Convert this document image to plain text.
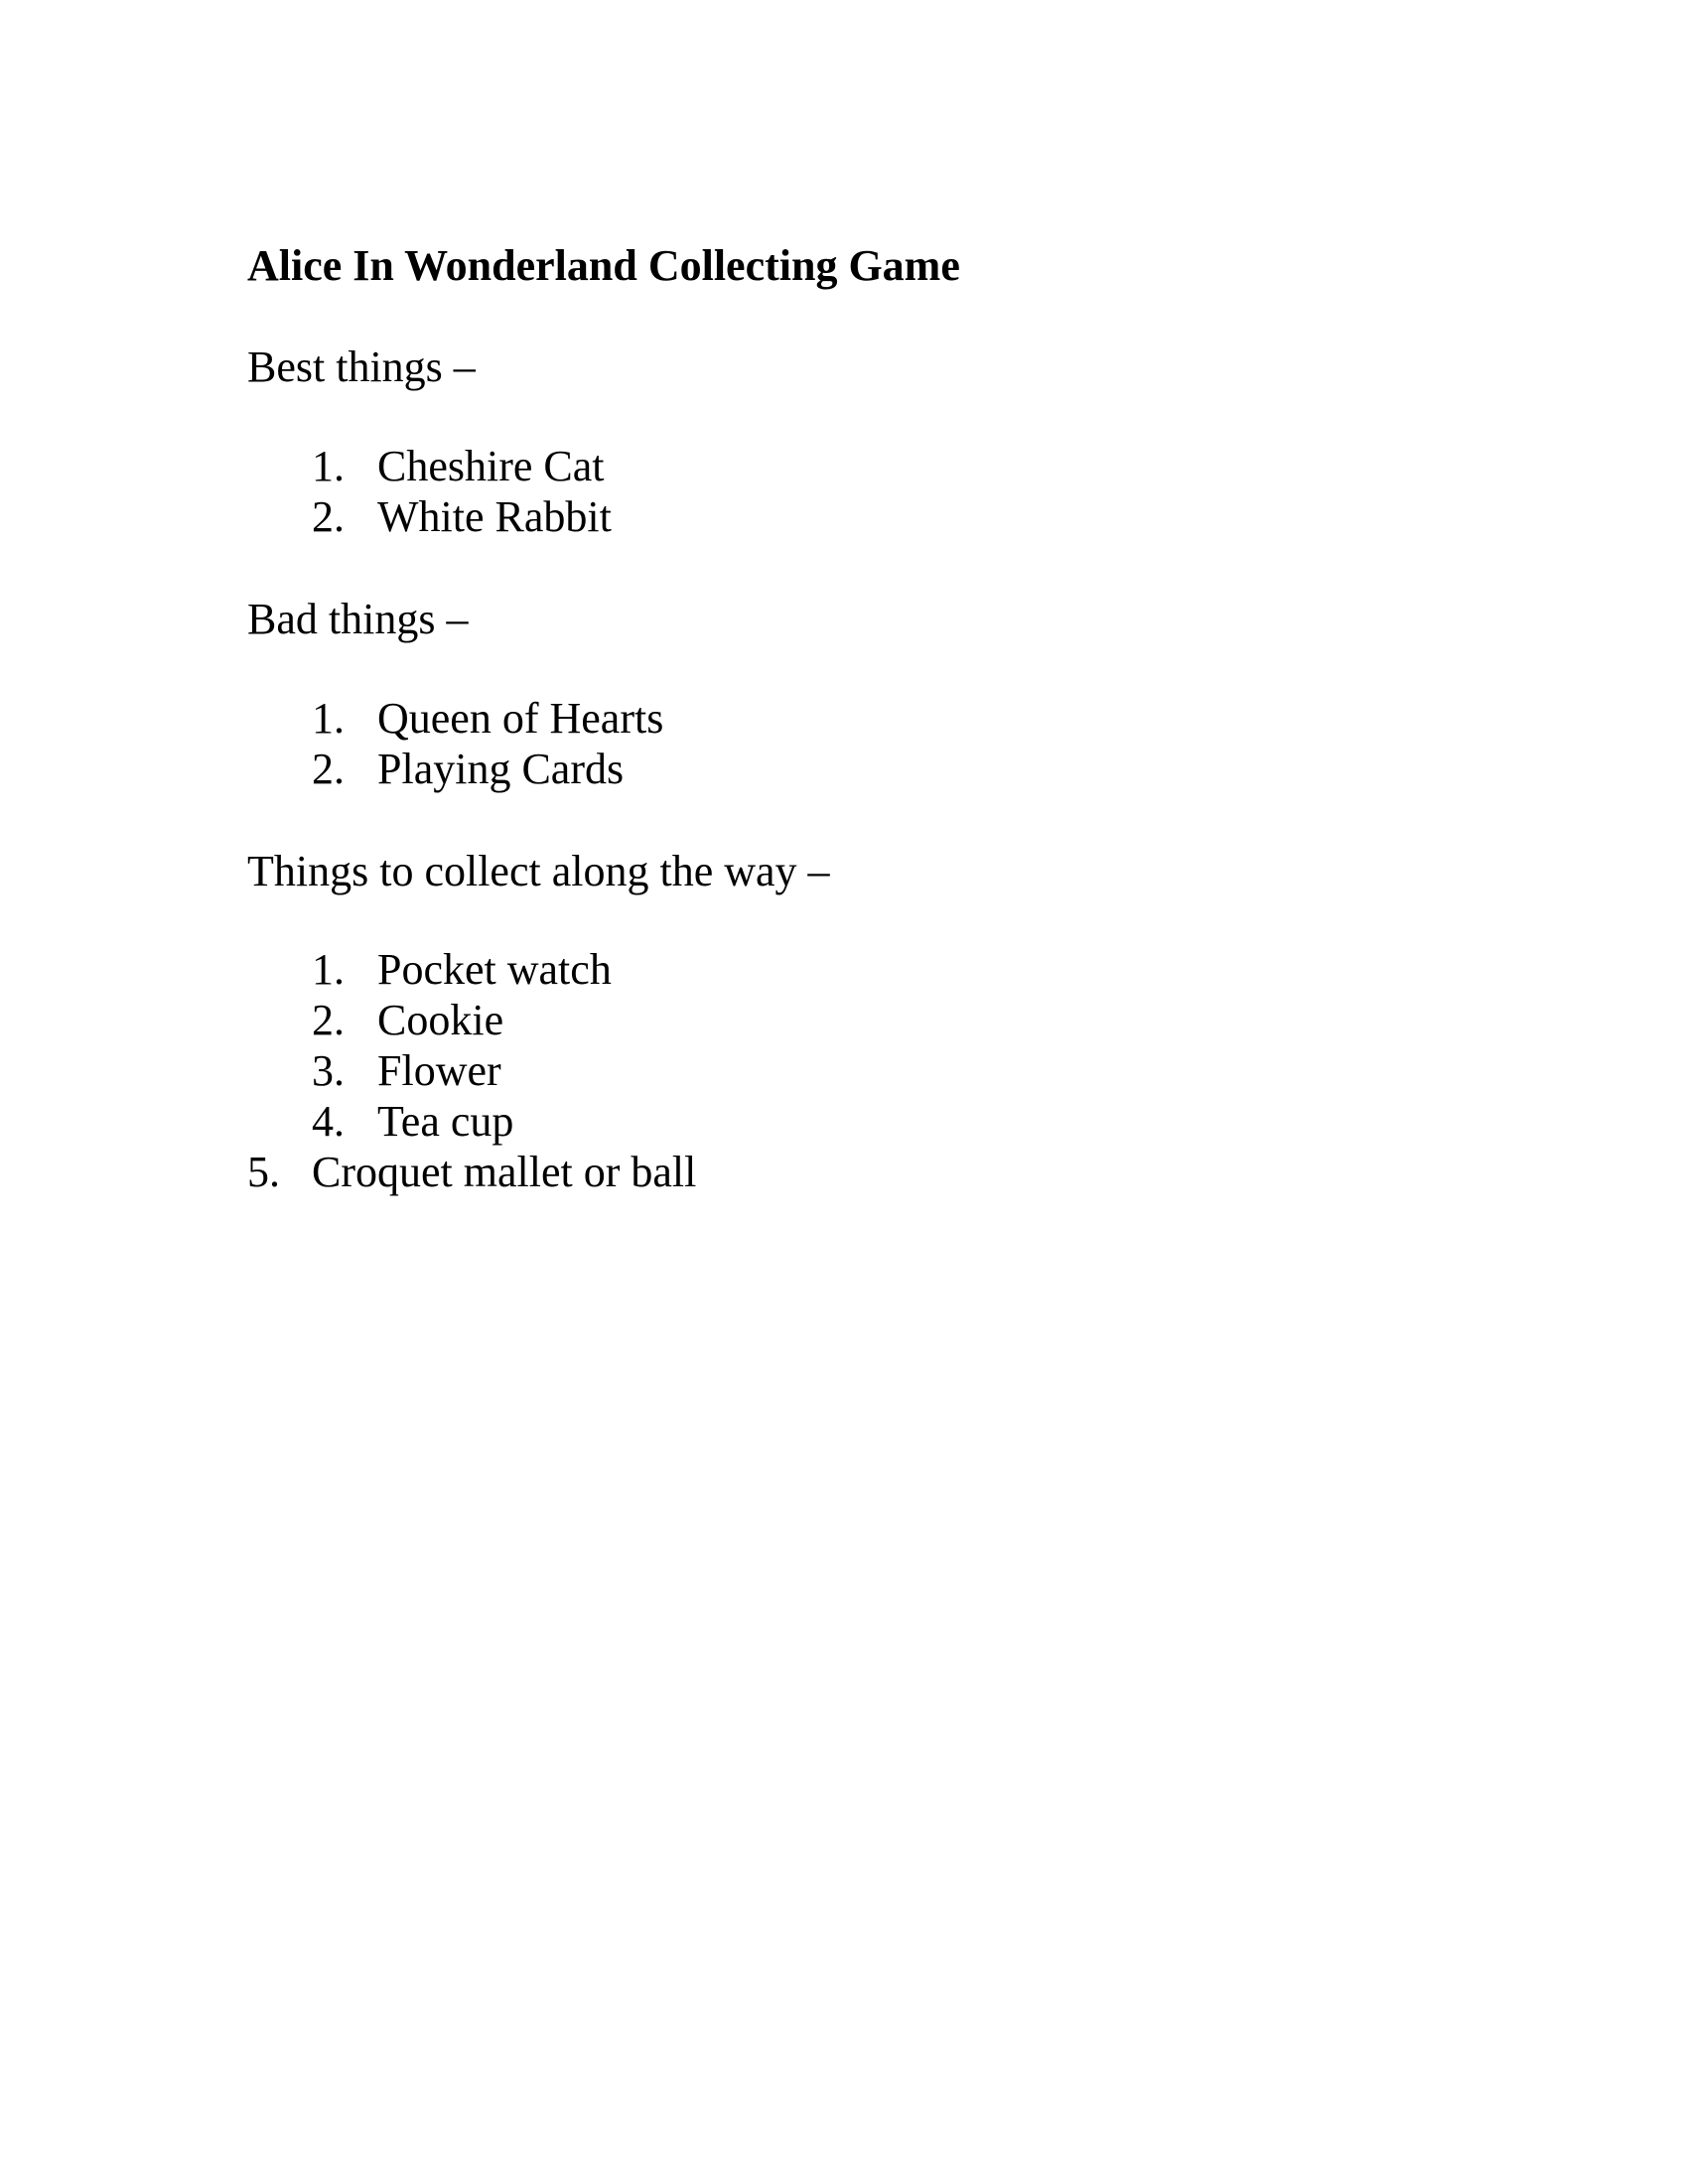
Alice In Wonderland Collecting Game
Best things –
1. Cheshire Cat
2. White Rabbit
Bad things –
1. Queen of Hearts
2. Playing Cards
Things to collect along the way –
1. Pocket watch
2. Cookie
3. Flower
4. Tea cup
5. Croquet mallet or ball
